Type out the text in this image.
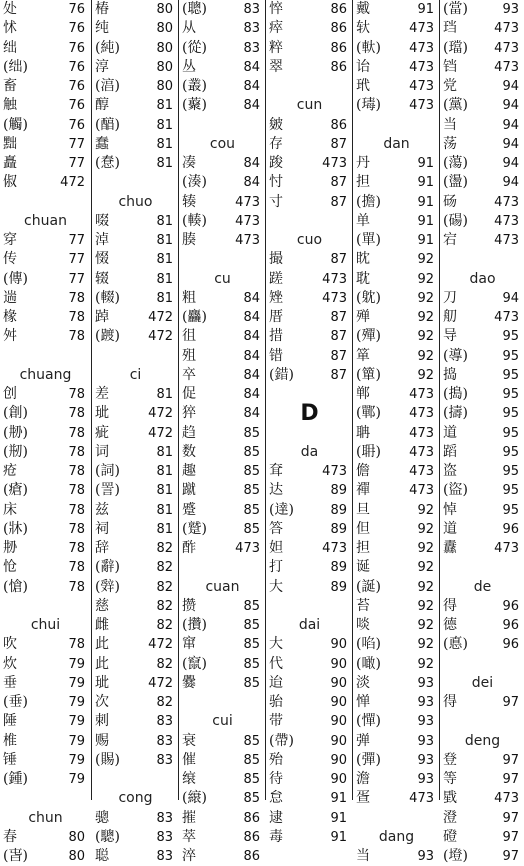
处	76
怵	76
绌	76
(绌)	76
畜	76
触	76
(觸)	76
黜	77
矗	77
俶	472
chuan
穿	77
传	77
(傳)	77
遄	78
椽	78
舛	78
chuang
创	78
(創)	78
(刱)	78
(剏)	78
疮	78
(瘡)	78
床	78
(牀)	78
刱	78
怆	78
(愴)	78
chui
吹	78
炊	79
垂	79
(垂)	79
陲	79
椎	79
锤	79
(鍾)	79
chun
春	80
(旾)	80
椿	80
纯	80
(純)	80
淳	80
(湻)	80
醇	81
(醕)	81
蠢	81
(惷)	81
chuo
啜	81
淖	81
惙	81
辍	81
(輟)	81
踔	472
(踱) 472
ci
差	81
玼	472
疵	472
词	81
(詞)	81
(詈)	81
兹	81
祠	81
辞	82
(辭)	82
(辤)	82
慈	82
雌	82
此	472
此	82
玼	472
次	82
刺	83
赐	83
(賜)	83
cong
骢	83
(驄)	83
聪	83
(聰)	83
从	83
(從)	83
丛	84
(叢)	84
(藂)	84
cou
凑	84
(湊)	84
辏	473
(輳) 473
腠	473
cu
粗	84
(麤)	84
徂	84
殂	84
卒	84
促	84
猝	84
趋	85
数	85
趣	85
蹴	85
蹙	85
(蹵)	85
酢	473
cuan
攒	85
(攢)	85
窜	85
(竄)	85
爨	85
cui
衰	85
催	85
缞	85
(縗)	85
摧	86
萃	86
淬	86
悴	86
瘁	86
粹	86
翠	86
cun
皴	86
存	87
踆	473
忖	87
寸	87
cuo
撮	87
蹉	473
矬	473
厝	87
措	87
错	87
(錯)	87
D
da
耷	473
达	89
(達)	89
答	89
妲	473
打	89
大	89
dai
大	90
代	90
迨	90
骀	90
带	90
(帶)	90
殆	90
待	90
怠	91
逮	91
毒	91
戴	91
轪	473
(軑) 473
诒	473
玳	473
(瑇) 473
dan
丹	91
担	91
(擔)	91
单	91
(單)	91
眈	92
耽	92
(躭)	92
殚	92
(殫)	92
箪	92
(簞)	92
郸	473
(鄲) 473
聃	473
(耼) 473
儋	473
禪	473
旦	92
但	92
担	92
诞	92
(誕)	92
苔	92
啖	92
(啗)	92
(噉)	92
淡	93
惮	93
(憚)	93
弹	93
(彈)	93
澹	93
疍	473
dang
当	93
(當)	93
珰	473
(璫) 473
铛	473
党	94
(黨)	94
当	94
荡	94
(蕩)	94
(盪)	94
砀	473
(碭) 473
宕	473
dao
刀	94
舠	473
导	95
(導)	95
捣	95
(搗)	95
(擣)	95
道	95
蹈	95
盗	95
(盜)	95
悼	95
道	96
纛	473
de
得	96
德	96
(悳)	96
dei
得	97
deng
登	97
等	97
戥	473
澄	97
磴	97
(墱)	97
